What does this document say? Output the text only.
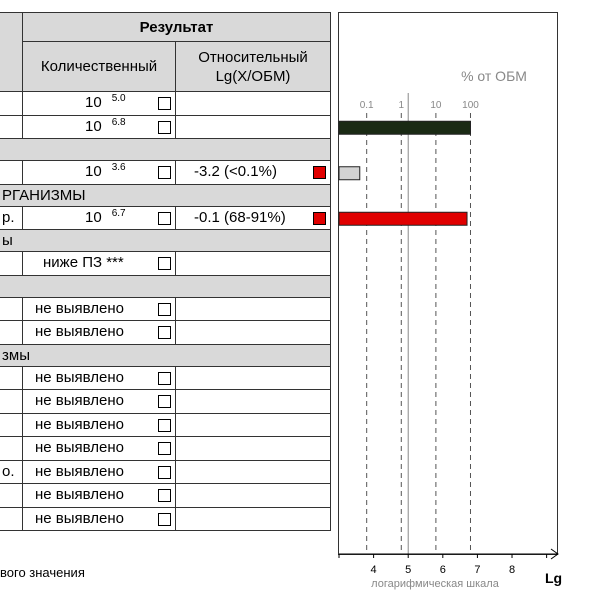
	Результат	
	Количественный	Относительный
Lg(X/ОБМ)

	10 $^{5.0}$

	10 $^{6.8}$

	10 $^{3.6}$	-3.2 (<0.1%)

РГАНИЗМЫ		
р.	10 $^{6.7}$	-0.1 (68-91%)

ы		

	ниже ПЗ ***	

	не выявлено	

	не выявлено	

змы		

	не выявлено	

	не выявлено	

	не выявлено	

	не выявлено	

о.	не выявлено	

	не выявлено	

	не выявлено	

% от ОБМ
0.1 1	10 100
4	5	6	7	8
логарифмическая шкала
вого значения	Lg
